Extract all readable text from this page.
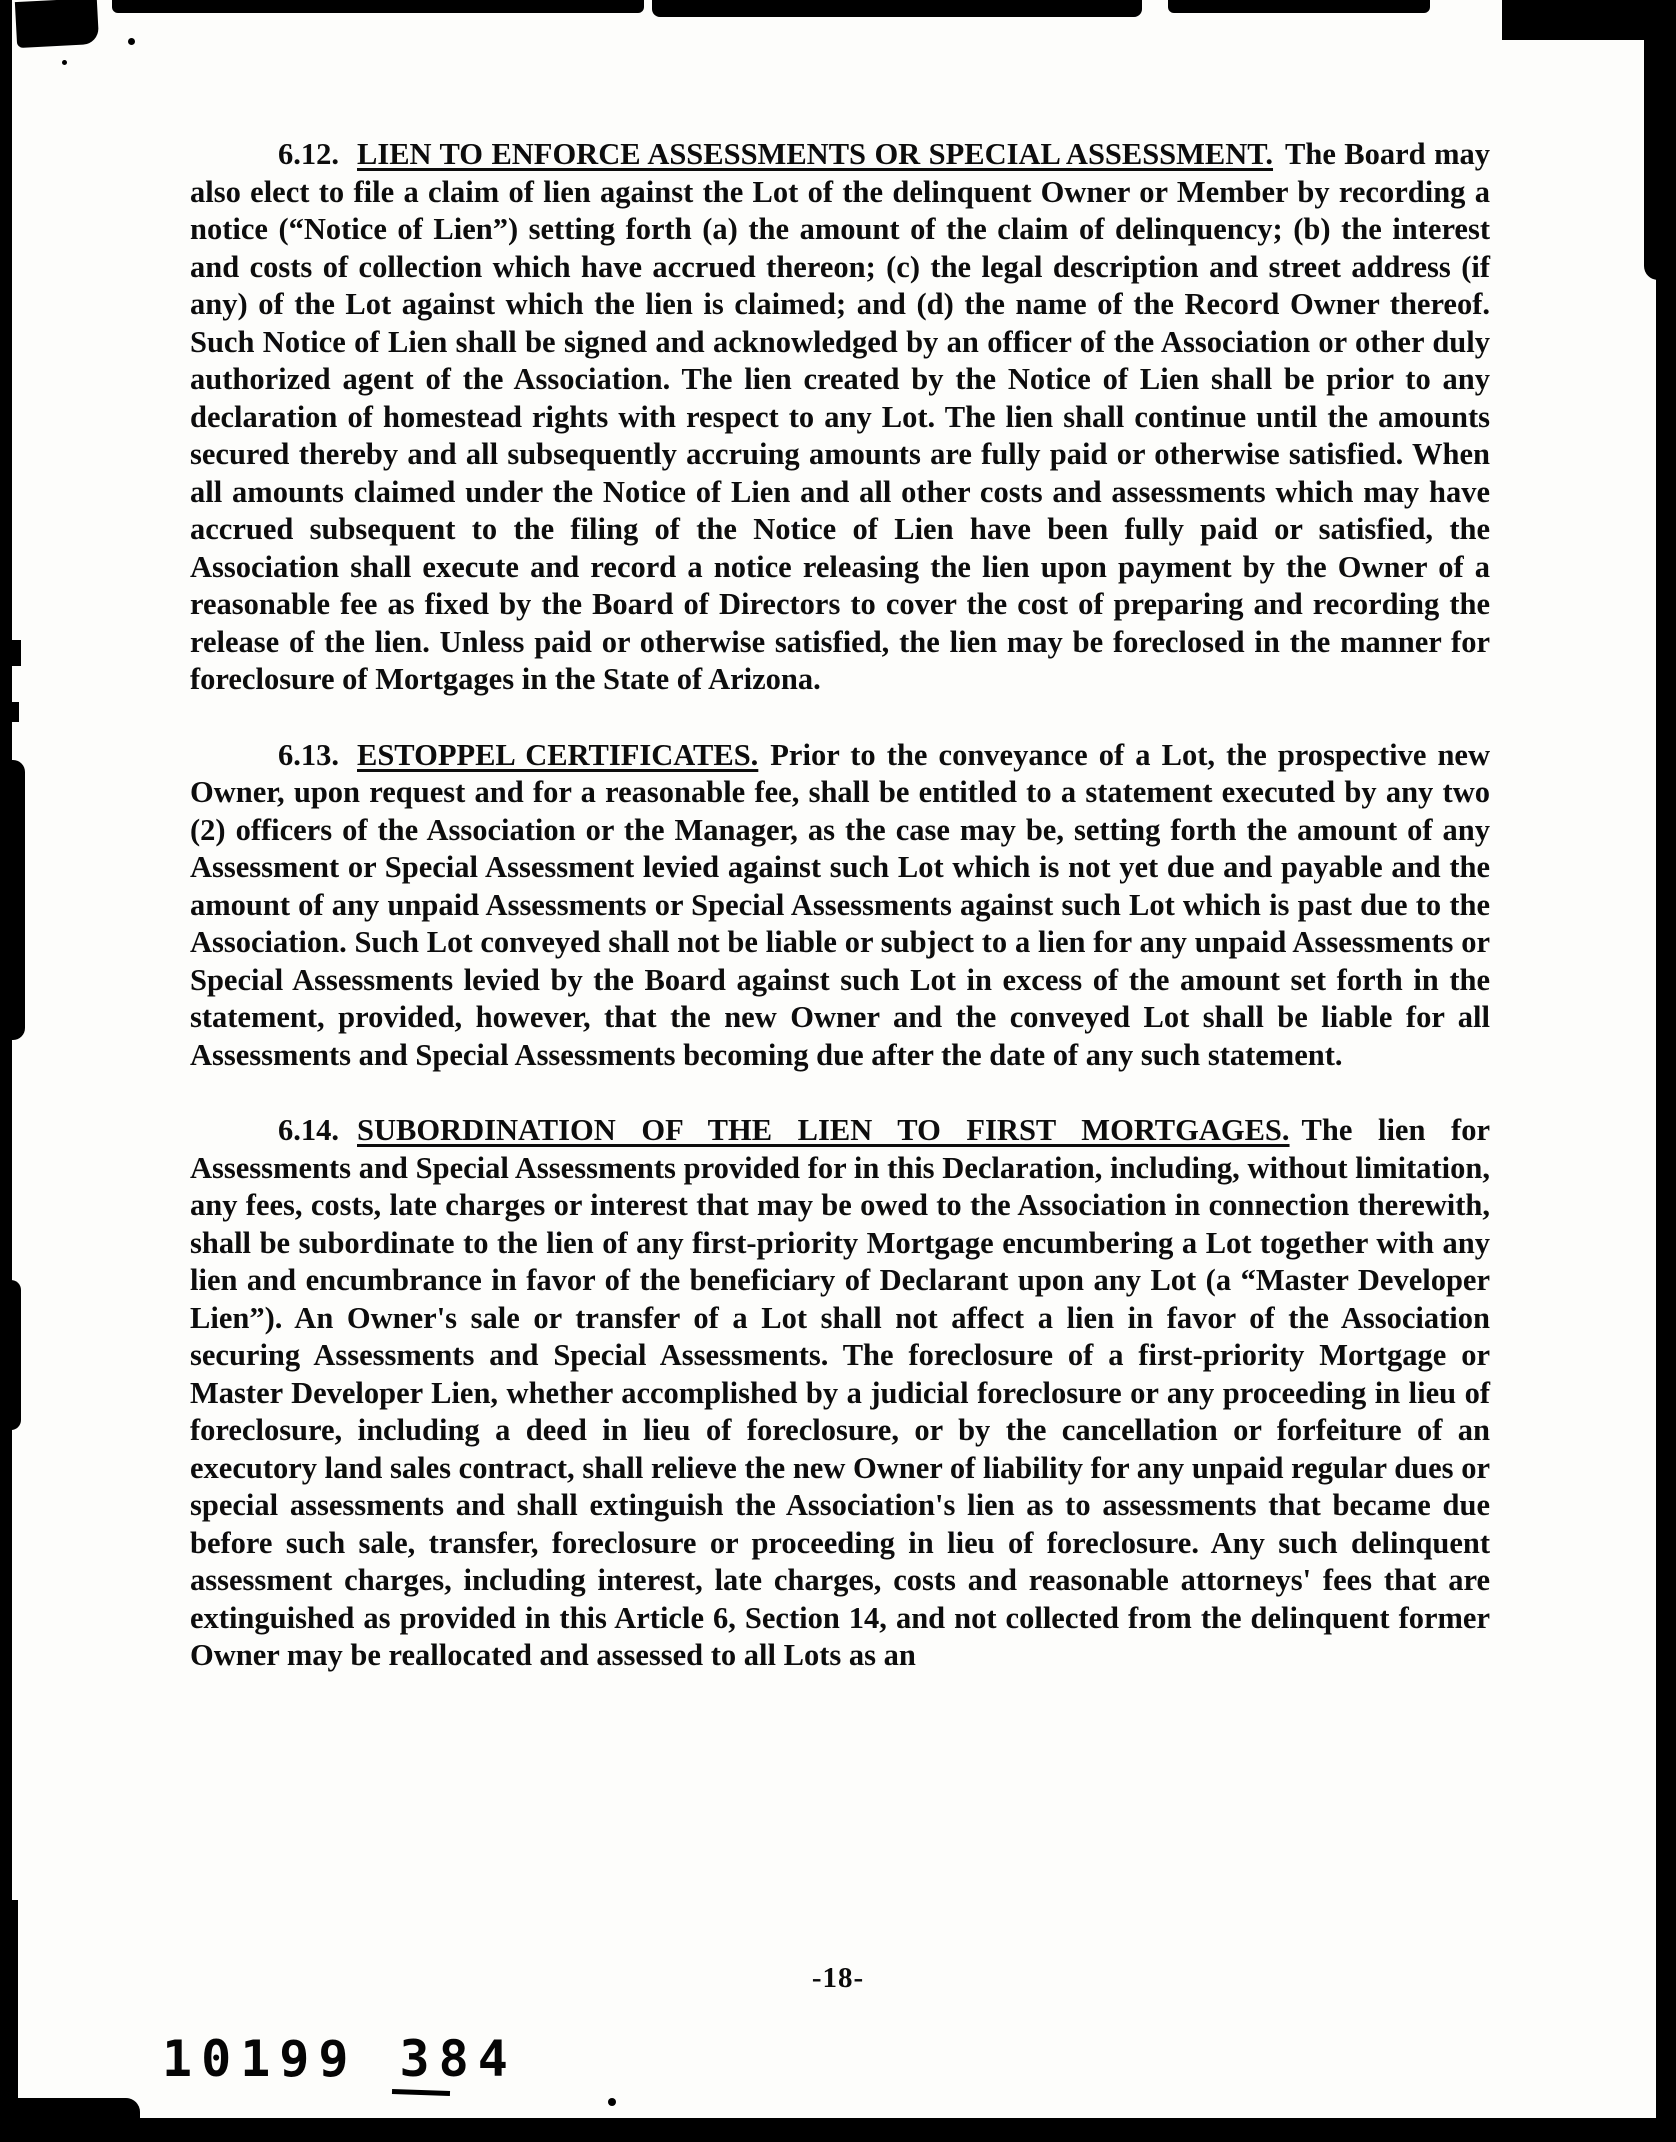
6.12. LIEN TO ENFORCE ASSESSMENTS OR SPECIAL ASSESSMENT. The Board may also elect to file a claim of lien against the Lot of the delinquent Owner or Member by recording a notice (“Notice of Lien”) setting forth (a) the amount of the claim of delinquency; (b) the interest and costs of collection which have accrued thereon; (c) the legal description and street address (if any) of the Lot against which the lien is claimed; and (d) the name of the Record Owner thereof. Such Notice of Lien shall be signed and acknowledged by an officer of the Association or other duly authorized agent of the Association. The lien created by the Notice of Lien shall be prior to any declaration of homestead rights with respect to any Lot. The lien shall continue until the amounts secured thereby and all subsequently accruing amounts are fully paid or otherwise satisfied. When all amounts claimed under the Notice of Lien and all other costs and assessments which may have accrued subsequent to the filing of the Notice of Lien have been fully paid or satisfied, the Association shall execute and record a notice releasing the lien upon payment by the Owner of a reasonable fee as fixed by the Board of Directors to cover the cost of preparing and recording the release of the lien. Unless paid or otherwise satisfied, the lien may be foreclosed in the manner for foreclosure of Mortgages in the State of Arizona.

6.13. ESTOPPEL CERTIFICATES. Prior to the conveyance of a Lot, the prospective new Owner, upon request and for a reasonable fee, shall be entitled to a statement executed by any two (2) officers of the Association or the Manager, as the case may be, setting forth the amount of any Assessment or Special Assessment levied against such Lot which is not yet due and payable and the amount of any unpaid Assessments or Special Assessments against such Lot which is past due to the Association. Such Lot conveyed shall not be liable or subject to a lien for any unpaid Assessments or Special Assessments levied by the Board against such Lot in excess of the amount set forth in the statement, provided, however, that the new Owner and the conveyed Lot shall be liable for all Assessments and Special Assessments becoming due after the date of any such statement.

6.14. SUBORDINATION OF THE LIEN TO FIRST MORTGAGES. The lien for Assessments and Special Assessments provided for in this Declaration, including, without limitation, any fees, costs, late charges or interest that may be owed to the Association in connection therewith, shall be subordinate to the lien of any first-priority Mortgage encumbering a Lot together with any lien and encumbrance in favor of the beneficiary of Declarant upon any Lot (a “Master Developer Lien”). An Owner's sale or transfer of a Lot shall not affect a lien in favor of the Association securing Assessments and Special Assessments. The foreclosure of a first-priority Mortgage or Master Developer Lien, whether accomplished by a judicial foreclosure or any proceeding in lieu of foreclosure, including a deed in lieu of foreclosure, or by the cancellation or forfeiture of an executory land sales contract, shall relieve the new Owner of liability for any unpaid regular dues or special assessments and shall extinguish the Association's lien as to assessments that became due before such sale, transfer, foreclosure or proceeding in lieu of foreclosure. Any such delinquent assessment charges, including interest, late charges, costs and reasonable attorneys' fees that are extinguished as provided in this Article 6, Section 14, and not collected from the delinquent former Owner may be reallocated and assessed to all Lots as an

-18-
10199 384
